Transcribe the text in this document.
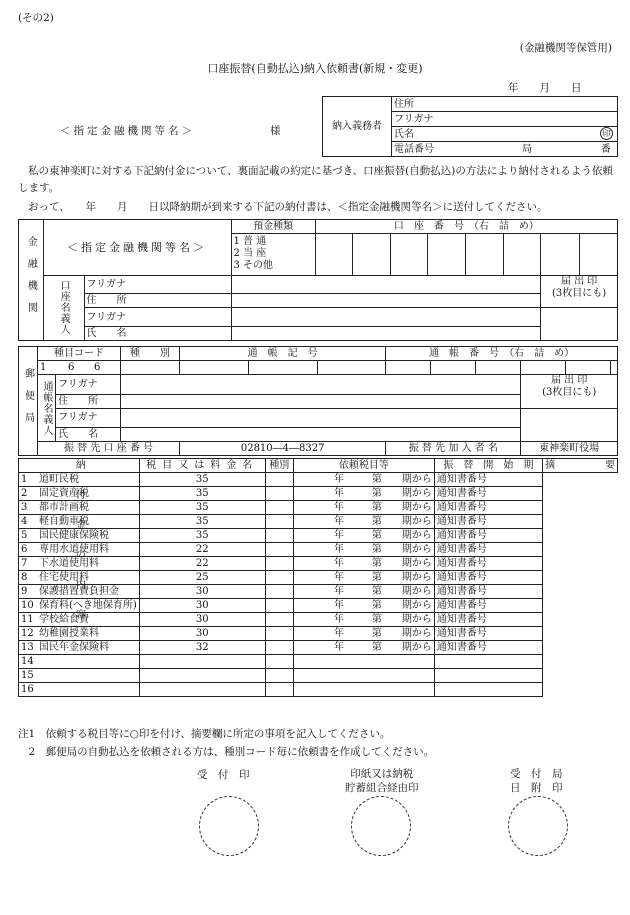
(その2)
(金融機関等保管用)
口座振替(自動払込)納入依頼書(新規・変更)
年　　月　　日
＜指定金融機関等名＞	様	納入義務者	住所
フリガナ
氏名	印

電話番号	局	番
私の東神楽町に対する下記納付金について、裏面記載の約定に基づき、口座振替(自動払込)の方法により納付されるよう依頼します。
おって、　　年　　月　　日以降納期が到来する下記の納付書は、＜指定金融機関等名＞に送付してください。
金融機関	＜指定金融機関等名＞		預金種類	口　座　番　号　（右　詰　め）							

			1 普 通
2 当 座
3 その他								

	口座名義人	フリガナ								届 出 印
(3枚目にも)	

		住　　所									
		フリガナ									
		氏　　名									
郵便局	種目コード		種　　別	通　帳　記　号			通　帳　番　号　（右　詰　め）					
	1 6 6											

	通帳名義人	フリガナ								届 出 印
(3枚目にも)		

		住　　所										
		フリガナ										
		氏　　名										
	振 替 先 口 座 番 号			02810―4―8327			振 替 先 加 入 者 名			東神楽町役場		
納付金の内容	税目又は料金名	種別	依頼税目等	振　替　開　始　期	摘　　　　　要
1 道町民税	35		年 第 期から	通知書番号	
2 固定資産税	35		年 第 期から	通知書番号	
3 都市計画税	35		年 第 期から	通知書番号	
4 軽自動車税	35		年 第 期から	通知書番号	
5 国民健康保険税	35		年 第 期から	通知書番号	
6 専用水道使用料	22		年 第 期から	通知書番号	
7 下水道使用料	22		年 第 期から	通知書番号	
8 住宅使用料	25		年 第 期から	通知書番号	
9 保護措置費負担金	30		年 第 期から	通知書番号	
10 保育料(へき地保育所)	30		年 第 期から	通知書番号	
11 学校給食費	30		年 第 期から	通知書番号	
12 幼稚園授業料	30		年 第 期から	通知書番号	
13 国民年金保険料	32		年 第 期から	通知書番号	
14					
15					
16					
注1　依頼する税目等に○印を付け、摘要欄に所定の事項を記入してください。
　2　郵便局の自動払込を依頼される方は、種別コード毎に依頼書を作成してください。
受　付　印	印紙又は納税
貯蓄組合経由印
受　付　局
日　附　印
